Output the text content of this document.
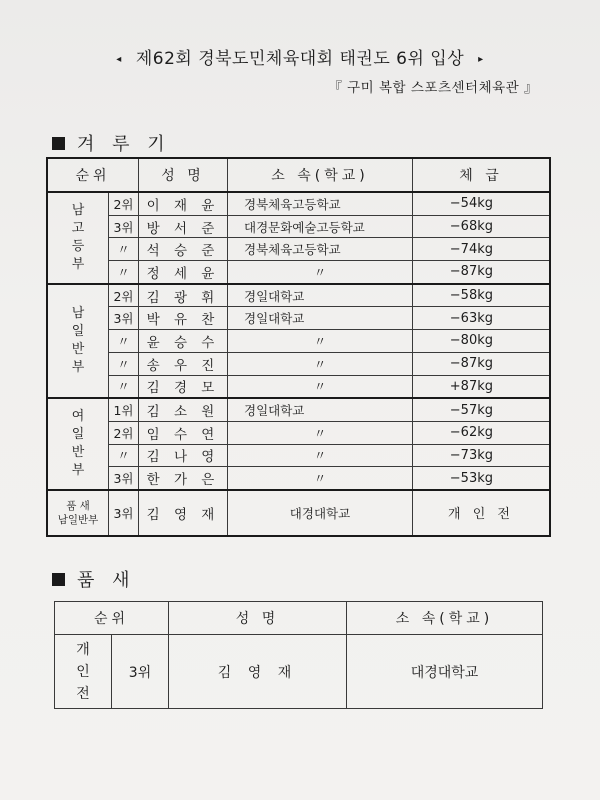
◂ 제62회 경북도민체육대회 태권도 6위 입상 ▸
『 구미 복합 스포츠센터체육관 』
겨 루 기
순위		성 명	소 속(학교)	체 급

남
고
등
부	2위	이 재 윤	경북체육고등학교	−54kg
	3위	방 서 준	대경문화예술고등학교	−68kg
	〃	석 승 준	경북체육고등학교	−74kg
	〃	정 세 윤	〃	−87kg

남
일
반
부	2위	김 광 휘	경일대학교	−58kg
	3위	박 유 찬	경일대학교	−63kg
	〃	윤 승 수	〃	−80kg
	〃	송 우 진	〃	−87kg
	〃	김 경 모	〃	+87kg

여
일
반
부	1위	김 소 원	경일대학교	−57kg
	2위	임 수 연	〃	−62kg
	〃	김 나 영	〃	−73kg
	3위	한 가 은	〃	−53kg

품 새
남일반부	3위	김 영 재	대경대학교	개 인 전
품 새
순위		성 명	소 속(학교)

개
인
전	3위	김 영 재	대경대학교
